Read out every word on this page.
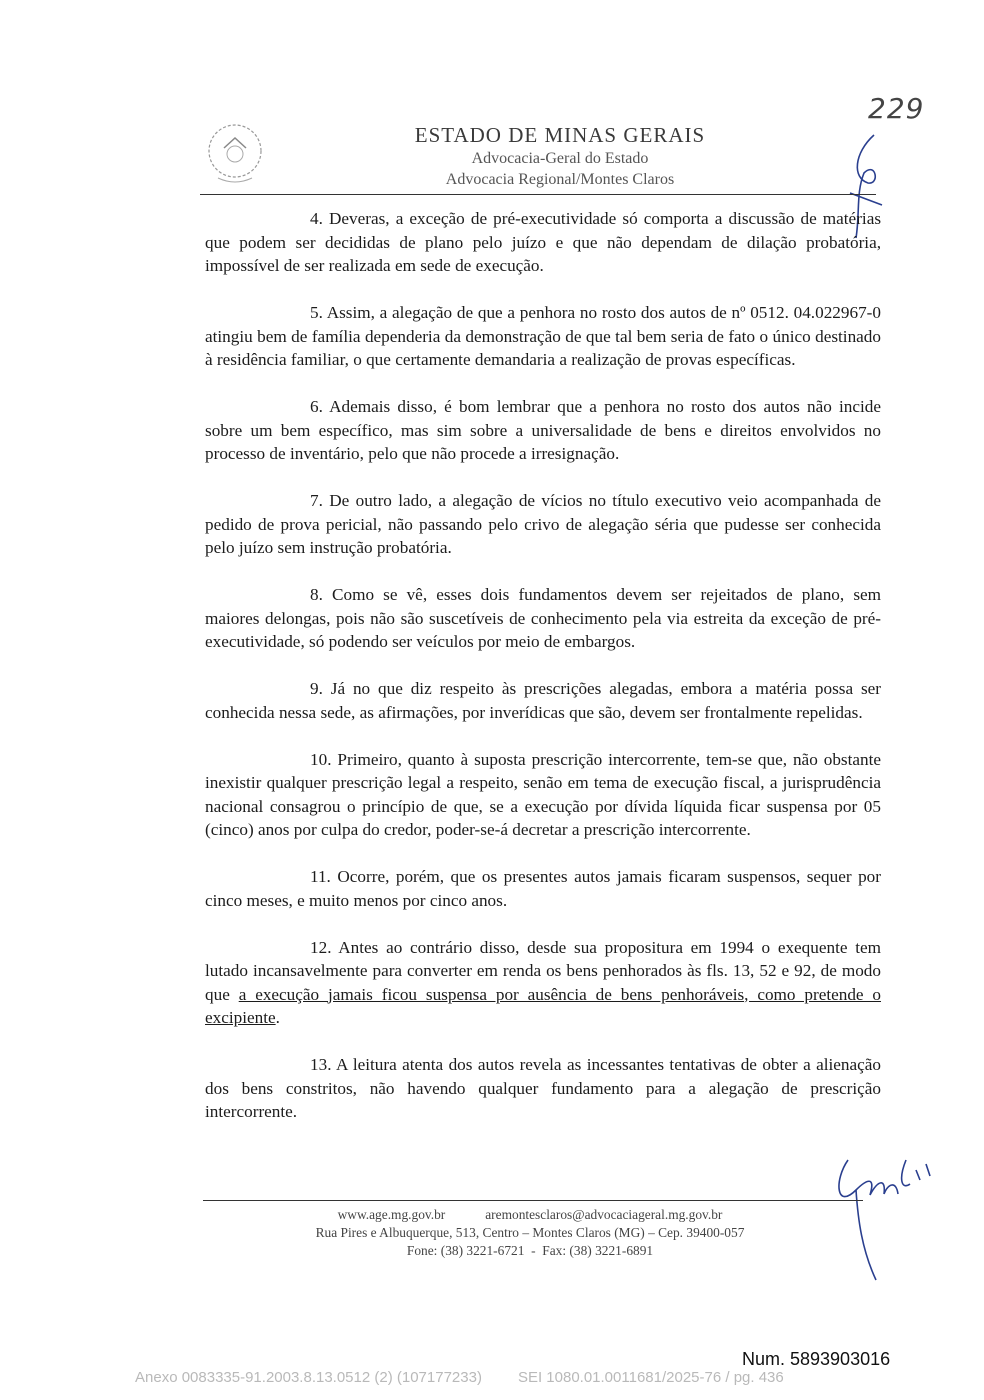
229
ESTADO DE MINAS GERAIS
Advocacia-Geral do Estado
Advocacia Regional/Montes Claros

4. Deveras, a exceção de pré-executividade só comporta a discussão de matérias que podem ser decididas de plano pelo juízo e que não dependam de dilação probatória, impossível de ser realizada em sede de execução.

5. Assim, a alegação de que a penhora no rosto dos autos de nº 0512. 04.022967-0 atingiu bem de família dependeria da demonstração de que tal bem seria de fato o único destinado à residência familiar, o que certamente demandaria a realização de provas específicas.

6. Ademais disso, é bom lembrar que a penhora no rosto dos autos não incide sobre um bem específico, mas sim sobre a universalidade de bens e direitos envolvidos no processo de inventário, pelo que não procede a irresignação.

7. De outro lado, a alegação de vícios no título executivo veio acompanhada de pedido de prova pericial, não passando pelo crivo de alegação séria que pudesse ser conhecida pelo juízo sem instrução probatória.

8. Como se vê, esses dois fundamentos devem ser rejeitados de plano, sem maiores delongas, pois não são suscetíveis de conhecimento pela via estreita da exceção de pré-executividade, só podendo ser veículos por meio de embargos.

9. Já no que diz respeito às prescrições alegadas, embora a matéria possa ser conhecida nessa sede, as afirmações, por inverídicas que são, devem ser frontalmente repelidas.

10. Primeiro, quanto à suposta prescrição intercorrente, tem-se que, não obstante inexistir qualquer prescrição legal a respeito, senão em tema de execução fiscal, a jurisprudência nacional consagrou o princípio de que, se a execução por dívida líquida ficar suspensa por 05 (cinco) anos por culpa do credor, poder-se-á decretar a prescrição intercorrente.

11. Ocorre, porém, que os presentes autos jamais ficaram suspensos, sequer por cinco meses, e muito menos por cinco anos.

12. Antes ao contrário disso, desde sua propositura em 1994 o exequente tem lutado incansavelmente para converter em renda os bens penhorados às fls. 13, 52 e 92, de modo que a execução jamais ficou suspensa por ausência de bens penhoráveis, como pretende o excipiente.

13. A leitura atenta dos autos revela as incessantes tentativas de obter a alienação dos bens constritos, não havendo qualquer fundamento para a alegação de prescrição intercorrente.

www.age.mg.gov.br	aremontesclaros@advocaciageral.mg.gov.br
Rua Pires e Albuquerque, 513, Centro – Montes Claros (MG) – Cep. 39400-057
Fone: (38) 3221-6721  -  Fax: (38) 3221-6891
Num. 5893903016
Anexo 0083335-91.2003.8.13.0512 (2) (107177233) SEI 1080.01.0011681/2025-76 / pg. 436
